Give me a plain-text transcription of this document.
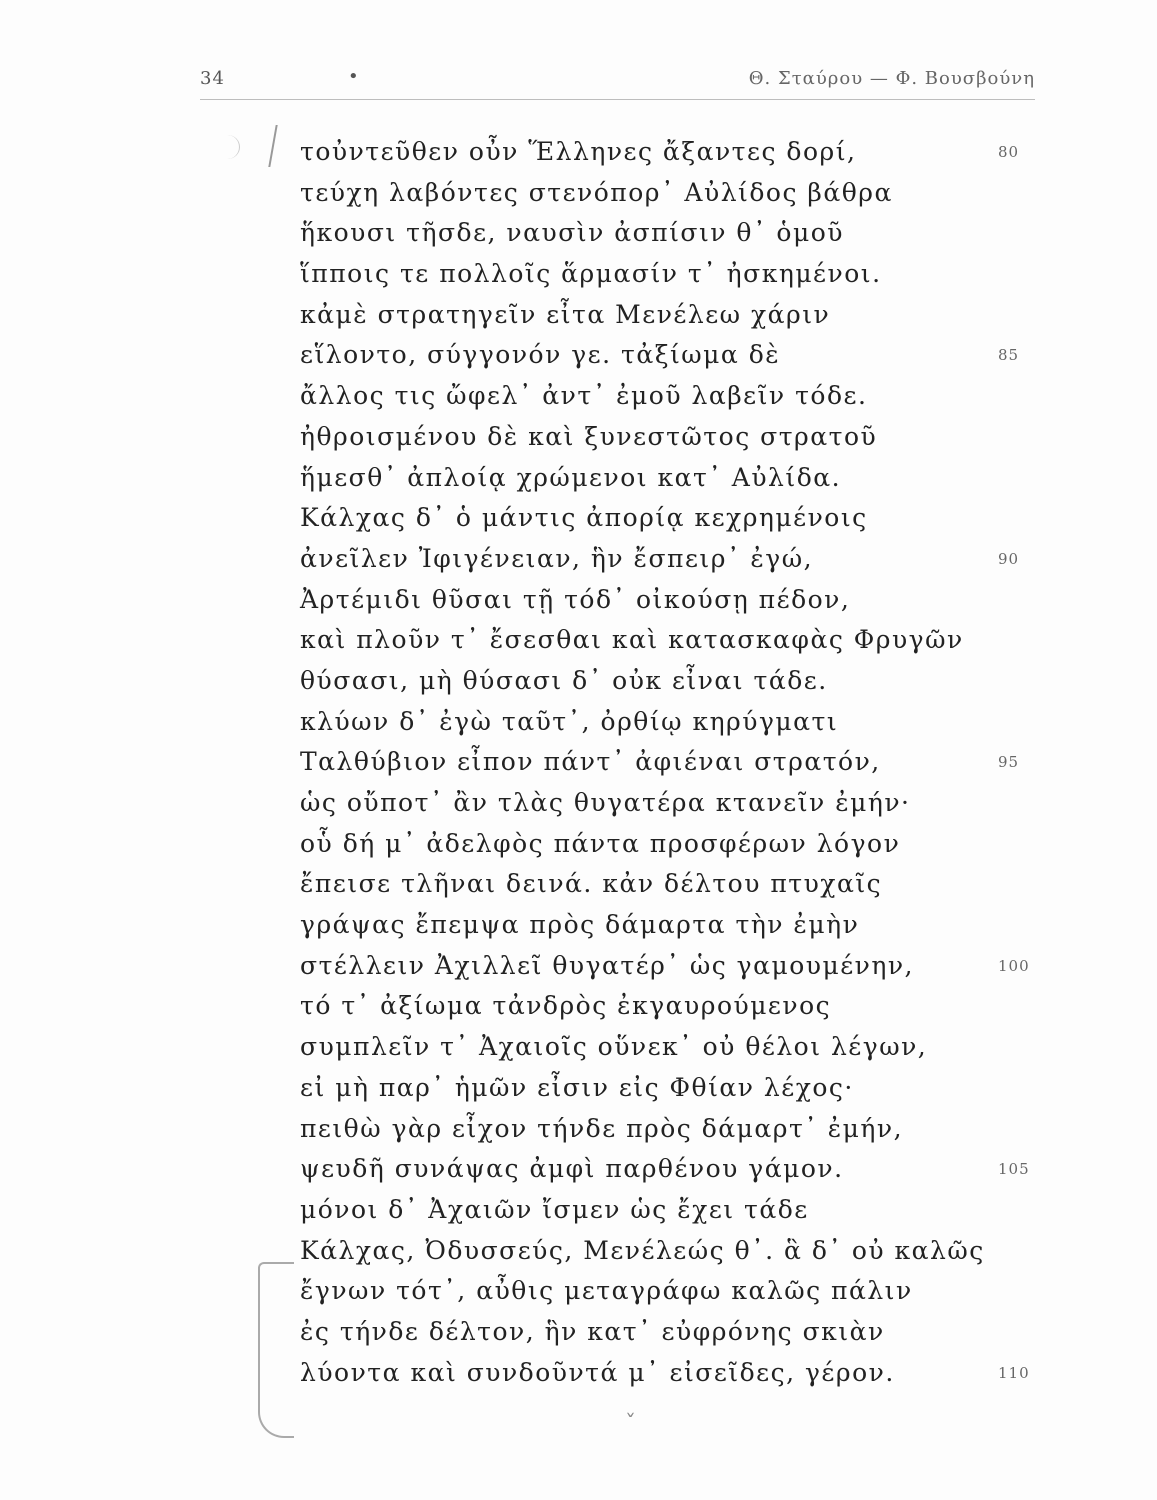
34	•	Θ. Σταύρου — Φ. Βουσβούνη
ˇ
τοὐντεῦθεν οὖν Ἕλληνες ἄξαντες δορί,	80
τεύχη λαβόντες στενόπορ᾽ Αὐλίδος βάθρα
ἥκουσι τῆσδε, ναυσὶν ἀσπίσιν θ᾽ ὁμοῦ
ἵπποις τε πολλοῖς ἅρμασίν τ᾽ ἠσκημένοι.
κἀμὲ στρατηγεῖν εἶτα Μενέλεω χάριν
εἵλοντο, σύγγονόν γε. τἀξίωμα δὲ	85
ἄλλος τις ὤφελ᾽ ἀντ᾽ ἐμοῦ λαβεῖν τόδε.
ἠθροισμένου δὲ καὶ ξυνεστῶτος στρατοῦ
ἥμεσθ᾽ ἀπλοίᾳ χρώμενοι κατ᾽ Αὐλίδα.
Κάλχας δ᾽ ὁ μάντις ἀπορίᾳ κεχρημένοις
ἀνεῖλεν Ἰφιγένειαν, ἣν ἔσπειρ᾽ ἐγώ,	90
Ἀρτέμιδι θῦσαι τῇ τόδ᾽ οἰκούσῃ πέδον,
καὶ πλοῦν τ᾽ ἔσεσθαι καὶ κατασκαφὰς Φρυγῶν
θύσασι, μὴ θύσασι δ᾽ οὐκ εἶναι τάδε.
κλύων δ᾽ ἐγὼ ταῦτ᾽, ὀρθίῳ κηρύγματι
Ταλθύβιον εἶπον πάντ᾽ ἀφιέναι στρατόν,	95
ὡς οὔποτ᾽ ἂν τλὰς θυγατέρα κτανεῖν ἐμήν·
οὗ δή μ᾽ ἀδελφὸς πάντα προσφέρων λόγον
ἔπεισε τλῆναι δεινά. κἀν δέλτου πτυχαῖς
γράψας ἔπεμψα πρὸς δάμαρτα τὴν ἐμὴν
στέλλειν Ἀχιλλεῖ θυγατέρ᾽ ὡς γαμουμένην,	100
τό τ᾽ ἀξίωμα τἀνδρὸς ἐκγαυρούμενος
συμπλεῖν τ᾽ Ἀχαιοῖς οὕνεκ᾽ οὐ θέλοι λέγων,
εἰ μὴ παρ᾽ ἡμῶν εἶσιν εἰς Φθίαν λέχος·
πειθὼ γὰρ εἶχον τήνδε πρὸς δάμαρτ᾽ ἐμήν,
ψευδῆ συνάψας ἀμφὶ παρθένου γάμον.	105
μόνοι δ᾽ Ἀχαιῶν ἴσμεν ὡς ἔχει τάδε
Κάλχας, Ὀδυσσεύς, Μενέλεώς θ᾽. ἃ δ᾽ οὐ καλῶς
ἔγνων τότ᾽, αὖθις μεταγράφω καλῶς πάλιν
ἐς τήνδε δέλτον, ἣν κατ᾽ εὐφρόνης σκιὰν
λύοντα καὶ συνδοῦντά μ᾽ εἰσεῖδες, γέρον.	110
